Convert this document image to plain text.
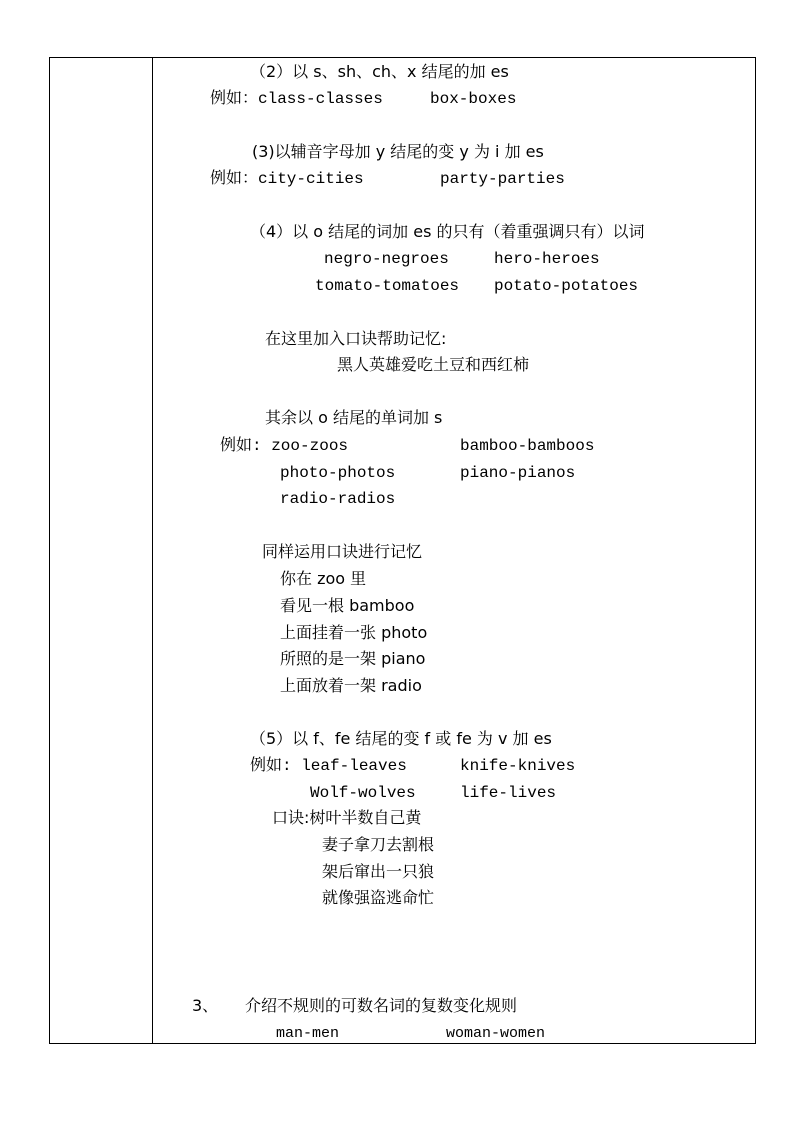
（2）以 s、sh、ch、x 结尾的加 es
例如：class-classes	box-boxes
(3)以辅音字母加 y 结尾的变 y 为 i 加 es
例如：city-cities	party-parties
（4）以 o 结尾的词加 es 的只有（着重强调只有）以词
negro-negroes	hero-heroes
tomato-tomatoes potato-potatoes
在这里加入口诀帮助记忆:
黑人英雄爱吃土豆和西红柿
其余以 o 结尾的单词加 s
例如: zoo-zoos	bamboo-bamboos
photo-photos	piano-pianos
radio-radios
同样运用口诀进行记忆
你在 zoo 里
看见一根 bamboo
上面挂着一张 photo
所照的是一架 piano
上面放着一架 radio
（5）以 f、fe 结尾的变 f 或 fe 为 v 加 es
例如: leaf-leaves	knife-knives
Wolf-wolves	life-lives
口诀:树叶半数自己黄
妻子拿刀去割根
架后窜出一只狼
就像强盗逃命忙
3、 介绍不规则的可数名词的复数变化规则
man-men	woman-women
